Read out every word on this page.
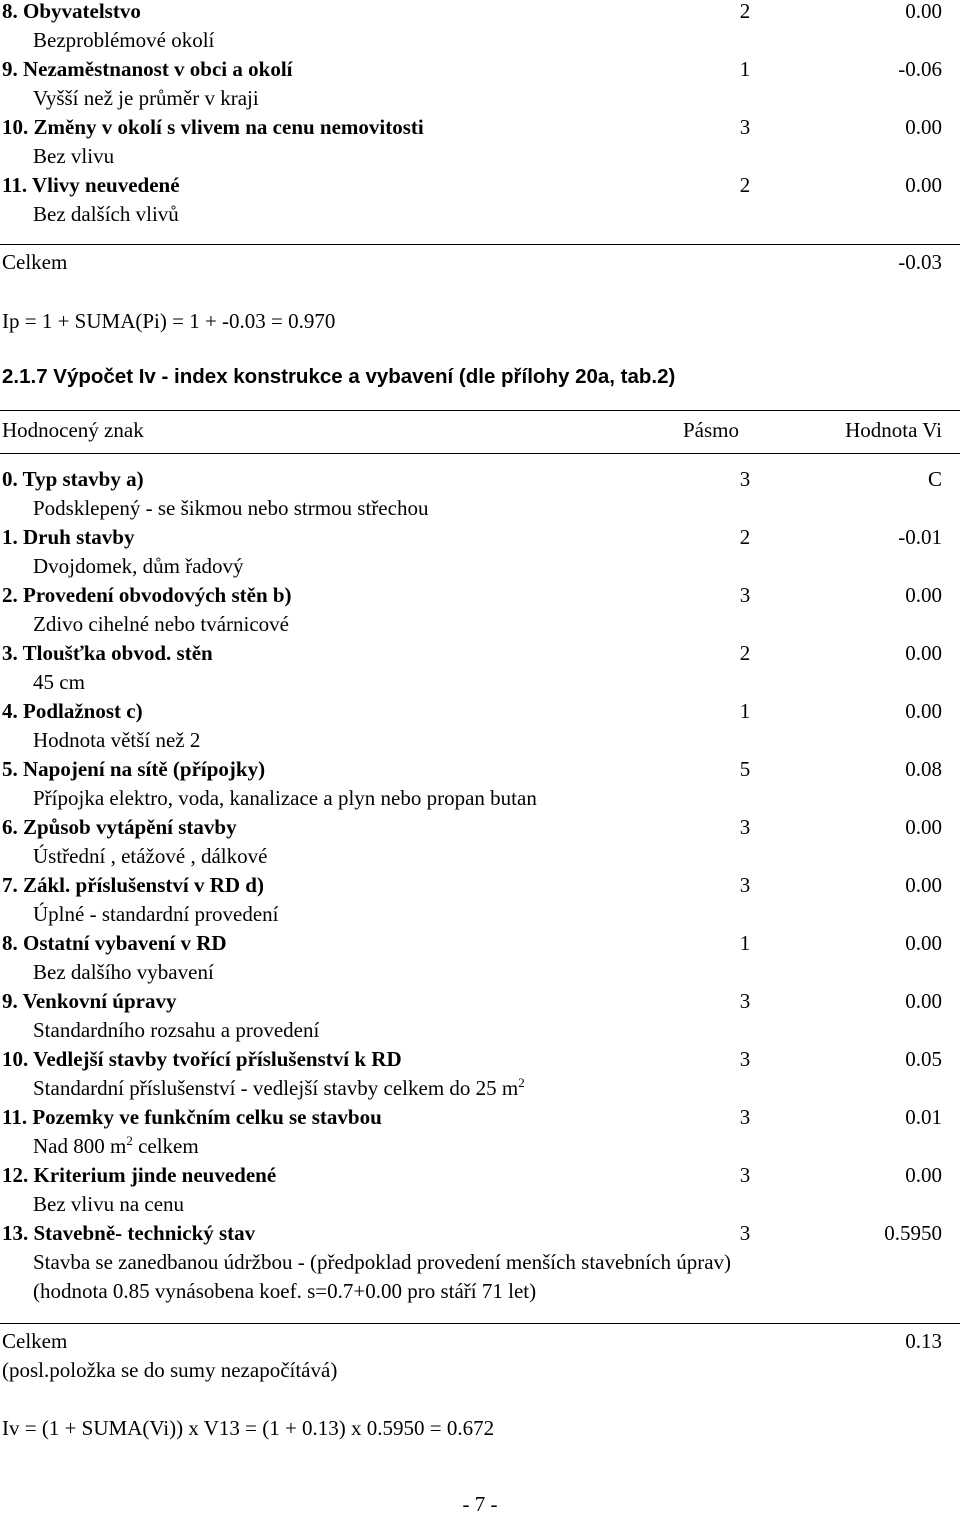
8. Obyvatelstvo	2	0.00
Bezproblémové okolí
9. Nezaměstnanost v obci a okolí	1	-0.06
Vyšší než je průměr v kraji
10. Změny v okolí s vlivem na cenu nemovitosti	3	0.00
Bez vlivu
11. Vlivy neuvedené	2	0.00
Bez dalších vlivů
Celkem	-0.03
Ip = 1 + SUMA(Pi) = 1 + -0.03 = 0.970
2.1.7 Výpočet Iv - index konstrukce a vybavení (dle přílohy 20a, tab.2)
Hodnocený znak	Pásmo	Hodnota Vi
0. Typ stavby a)	3	C
Podsklepený - se šikmou nebo strmou střechou
1. Druh stavby	2	-0.01
Dvojdomek, dům řadový
2. Provedení obvodových stěn b)	3	0.00
Zdivo cihelné nebo tvárnicové
3. Tloušťka obvod. stěn	2	0.00
45 cm
4. Podlažnost c)	1	0.00
Hodnota větší než 2
5. Napojení na sítě (přípojky)	5	0.08
Přípojka elektro, voda, kanalizace a plyn nebo propan butan
6. Způsob vytápění stavby	3	0.00
Ústřední , etážové , dálkové
7. Zákl. příslušenství v RD d)	3	0.00
Úplné - standardní provedení
8. Ostatní vybavení v RD	1	0.00
Bez dalšího vybavení
9. Venkovní úpravy	3	0.00
Standardního rozsahu a provedení
10. Vedlejší stavby tvořící příslušenství k RD	3	0.05
Standardní příslušenství - vedlejší stavby celkem do 25 $m^2$
11. Pozemky ve funkčním celku se stavbou	3	0.01
Nad 800 $m^2$ celkem
12. Kriterium jinde neuvedené	3	0.00
Bez vlivu na cenu
13. Stavebně- technický stav	3	0.5950
Stavba se zanedbanou údržbou - (předpoklad provedení menších stavebních úprav)
(hodnota 0.85 vynásobena koef. s=0.7+0.00 pro stáří 71 let)
Celkem	0.13
(posl.položka se do sumy nezapočítává)
Iv = (1 + SUMA(Vi)) x V13 = (1 + 0.13) x 0.5950 = 0.672
- 7 -
